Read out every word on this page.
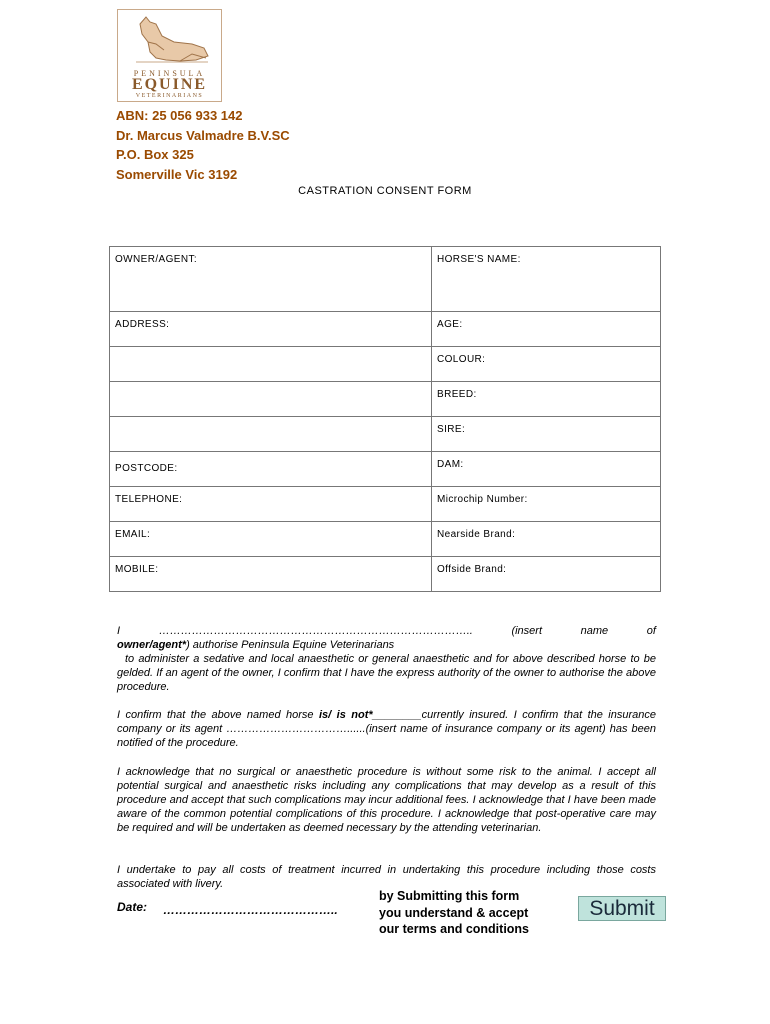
PENINSULA
EQUINE
VETERINARIANS
ABN: 25 056 933 142
Dr. Marcus Valmadre B.V.SC
P.O. Box 325
Somerville Vic 3192
CASTRATION CONSENT FORM
OWNER/AGENT:	HORSE'S NAME:

ADDRESS:	AGE:

	COLOUR:

	BREED:

	SIRE:

POSTCODE:	DAM:

TELEPHONE:	Microchip Number:

EMAIL:	Nearside Brand:

MOBILE:	Offside Brand:
I	…………………………………………………………………………..	(insert	name	of
owner/agent*) authorise Peninsula Equine Veterinarians
to administer a sedative and local anaesthetic or general anaesthetic and for above described horse to be gelded. If an agent of the owner, I confirm that I have the express authority of the owner to authorise the above procedure.
I confirm that the above named horse is/ is not*________currently insured. I confirm that the insurance company or its agent ……………………………......(insert name of insurance company or its agent) has been notified of the procedure.
I acknowledge that no surgical or anaesthetic procedure is without some risk to the animal. I accept all potential surgical and anaesthetic risks including any complications that may develop as a result of this procedure and accept that such complications may incur additional fees. I acknowledge that I have been made aware of the common potential complications of this procedure. I acknowledge that post-operative care may be required and will be undertaken as deemed necessary by the attending veterinarian.
I undertake to pay all costs of treatment incurred in undertaking this procedure including those costs associated with livery.
Date: ……………………………………..
by Submitting this form
you understand & accept
our terms and conditions
Submit
